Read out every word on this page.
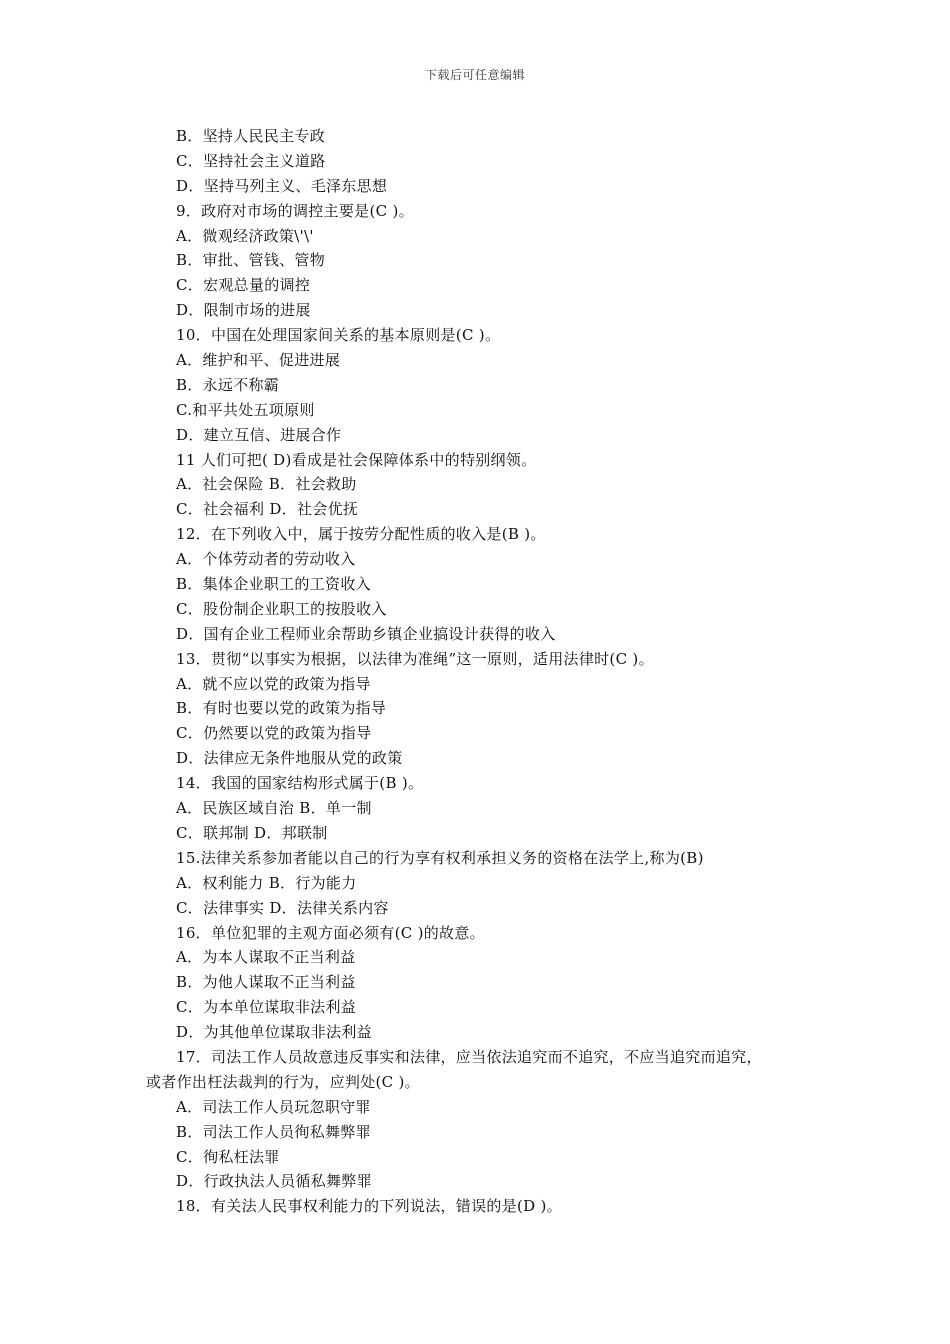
下载后可任意编辑
B．坚持人民民主专政
C．坚持社会主义道路
D．坚持马列主义、毛泽东思想
9．政府对市场的调控主要是(C )。
A．微观经济政策\'\'
B．审批、管钱、管物
C．宏观总量的调控
D．限制市场的进展
10．中国在处理国家间关系的基本原则是(C )。
A．维护和平、促进进展
B．永远不称霸
C.和平共处五项原则
D．建立互信、进展合作
11 人们可把( D)看成是社会保障体系中的特别纲领。
A．社会保险 B．社会救助
C．社会福利 D．社会优抚
12．在下列收入中，属于按劳分配性质的收入是(B )。
A．个体劳动者的劳动收入
B．集体企业职工的工资收入
C．股份制企业职工的按股收入
D．国有企业工程师业余帮助乡镇企业搞设计获得的收入
13．贯彻“以事实为根据，以法律为准绳”这一原则，适用法律时(C )。
A．就不应以党的政策为指导
B．有时也要以党的政策为指导
C．仍然要以党的政策为指导
D．法律应无条件地服从党的政策
14．我国的国家结构形式属于(B )。
A．民族区域自治 B．单一制
C．联邦制 D．邦联制
15.法律关系参加者能以自己的行为享有权利承担义务的资格在法学上,称为(B)
A．权利能力 B．行为能力
C．法律事实 D．法律关系内容
16．单位犯罪的主观方面必须有(C )的故意。
A．为本人谋取不正当利益
B．为他人谋取不正当利益
C．为本单位谋取非法利益
D．为其他单位谋取非法利益
17．司法工作人员故意违反事实和法律，应当依法追究而不追究，不应当追究而追究，
或者作出枉法裁判的行为，应判处(C )。
A．司法工作人员玩忽职守罪
B．司法工作人员徇私舞弊罪
C．徇私枉法罪
D．行政执法人员循私舞弊罪
18．有关法人民事权利能力的下列说法，错误的是(D )。
